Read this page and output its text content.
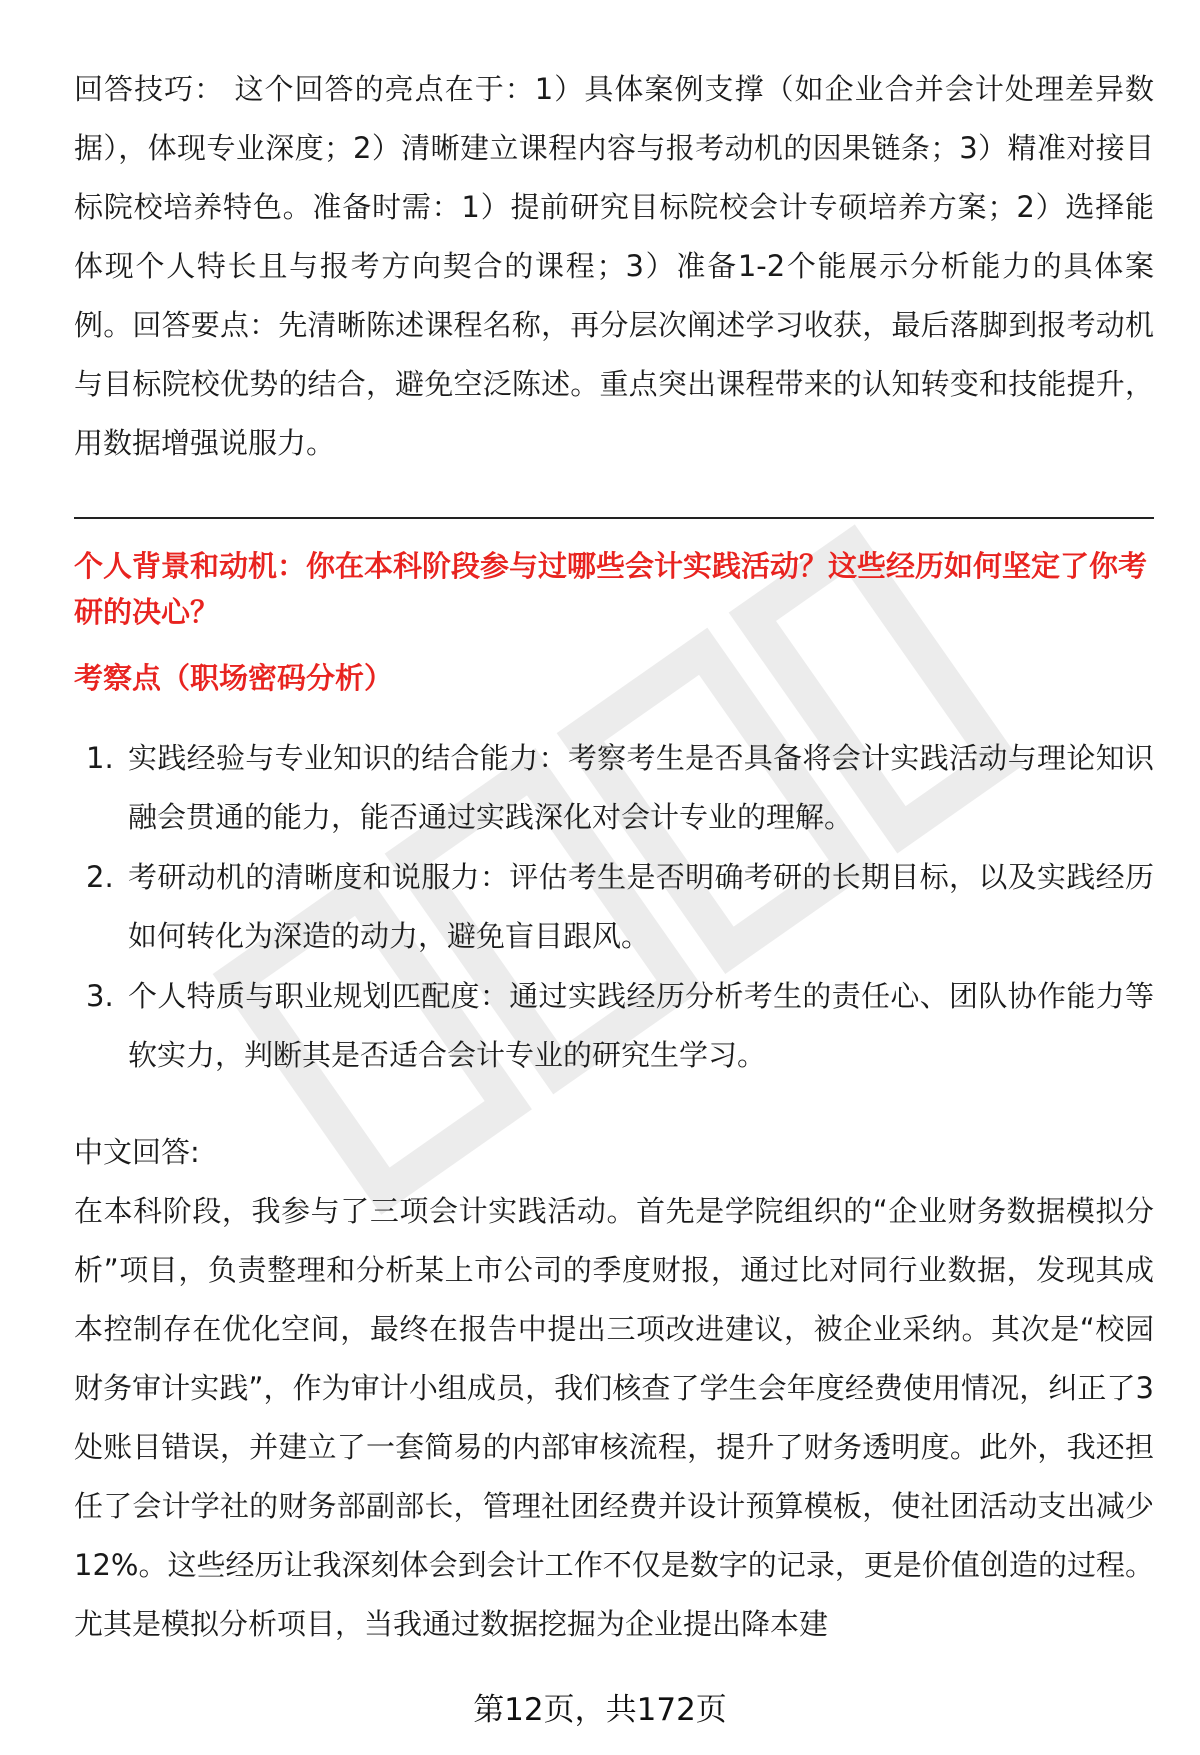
回答技巧： 这个回答的亮点在于：1）具体案例支撑（如企业合并会计处理差异数据），体现专业深度；2）清晰建立课程内容与报考动机的因果链条；3）精准对接目标院校培养特色。准备时需：1）提前研究目标院校会计专硕培养方案；2）选择能体现个人特长且与报考方向契合的课程；3）准备1-2个能展示分析能力的具体案例。回答要点：先清晰陈述课程名称，再分层次阐述学习收获，最后落脚到报考动机与目标院校优势的结合，避免空泛陈述。重点突出课程带来的认知转变和技能提升，用数据增强说服力。

个人背景和动机：你在本科阶段参与过哪些会计实践活动？这些经历如何坚定了你考研的决心？

考察点（职场密码分析）

1. 实践经验与专业知识的结合能力：考察考生是否具备将会计实践活动与理论知识融会贯通的能力，能否通过实践深化对会计专业的理解。
2. 考研动机的清晰度和说服力：评估考生是否明确考研的长期目标，以及实践经历如何转化为深造的动力，避免盲目跟风。
3. 个人特质与职业规划匹配度：通过实践经历分析考生的责任心、团队协作能力等软实力，判断其是否适合会计专业的研究生学习。

中文回答:

在本科阶段，我参与了三项会计实践活动。首先是学院组织的“企业财务数据模拟分析”项目，负责整理和分析某上市公司的季度财报，通过比对同行业数据，发现其成本控制存在优化空间，最终在报告中提出三项改进建议，被企业采纳。其次是“校园财务审计实践”，作为审计小组成员，我们核查了学生会年度经费使用情况，纠正了3处账目错误，并建立了一套简易的内部审核流程，提升了财务透明度。此外，我还担任了会计学社的财务部副部长，管理社团经费并设计预算模板，使社团活动支出减少12%。这些经历让我深刻体会到会计工作不仅是数字的记录，更是价值创造的过程。尤其是模拟分析项目，当我通过数据挖掘为企业提出降本建

第12页，共172页
